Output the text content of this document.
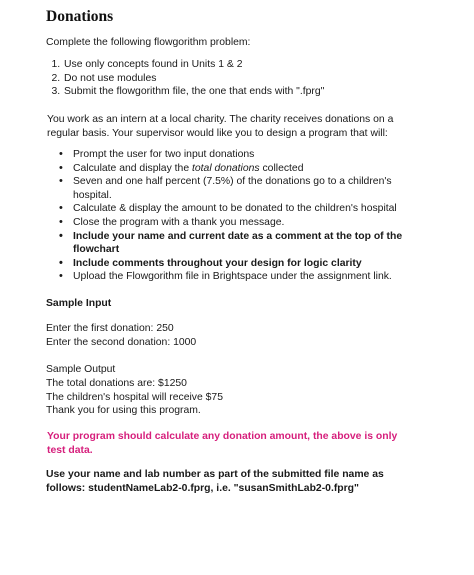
Donations
Complete the following flowgorithm problem:
1. Use only concepts found in Units 1 & 2
2. Do not use modules
3. Submit the flowgorithm file, the one that ends with ".fprg"
You work as an intern at a local charity. The charity receives donations on a regular basis. Your supervisor would like you to design a program that will:
• Prompt the user for two input donations
• Calculate and display the total donations collected
• Seven and one half percent (7.5%) of the donations go to a children's hospital.
• Calculate & display the amount to be donated to the children's hospital
• Close the program with a thank you message.
• Include your name and current date as a comment at the top of the flowchart
• Include comments throughout your design for logic clarity
• Upload the Flowgorithm file in Brightspace under the assignment link.
Sample Input
Enter the first donation: 250
Enter the second donation: 1000
Sample Output
The total donations are: $1250
The children's hospital will receive $75
Thank you for using this program.
Your program should calculate any donation amount, the above is only test data.
Use your name and lab number as part of the submitted file name as follows: studentNameLab2-0.fprg, i.e. "susanSmithLab2-0.fprg"
